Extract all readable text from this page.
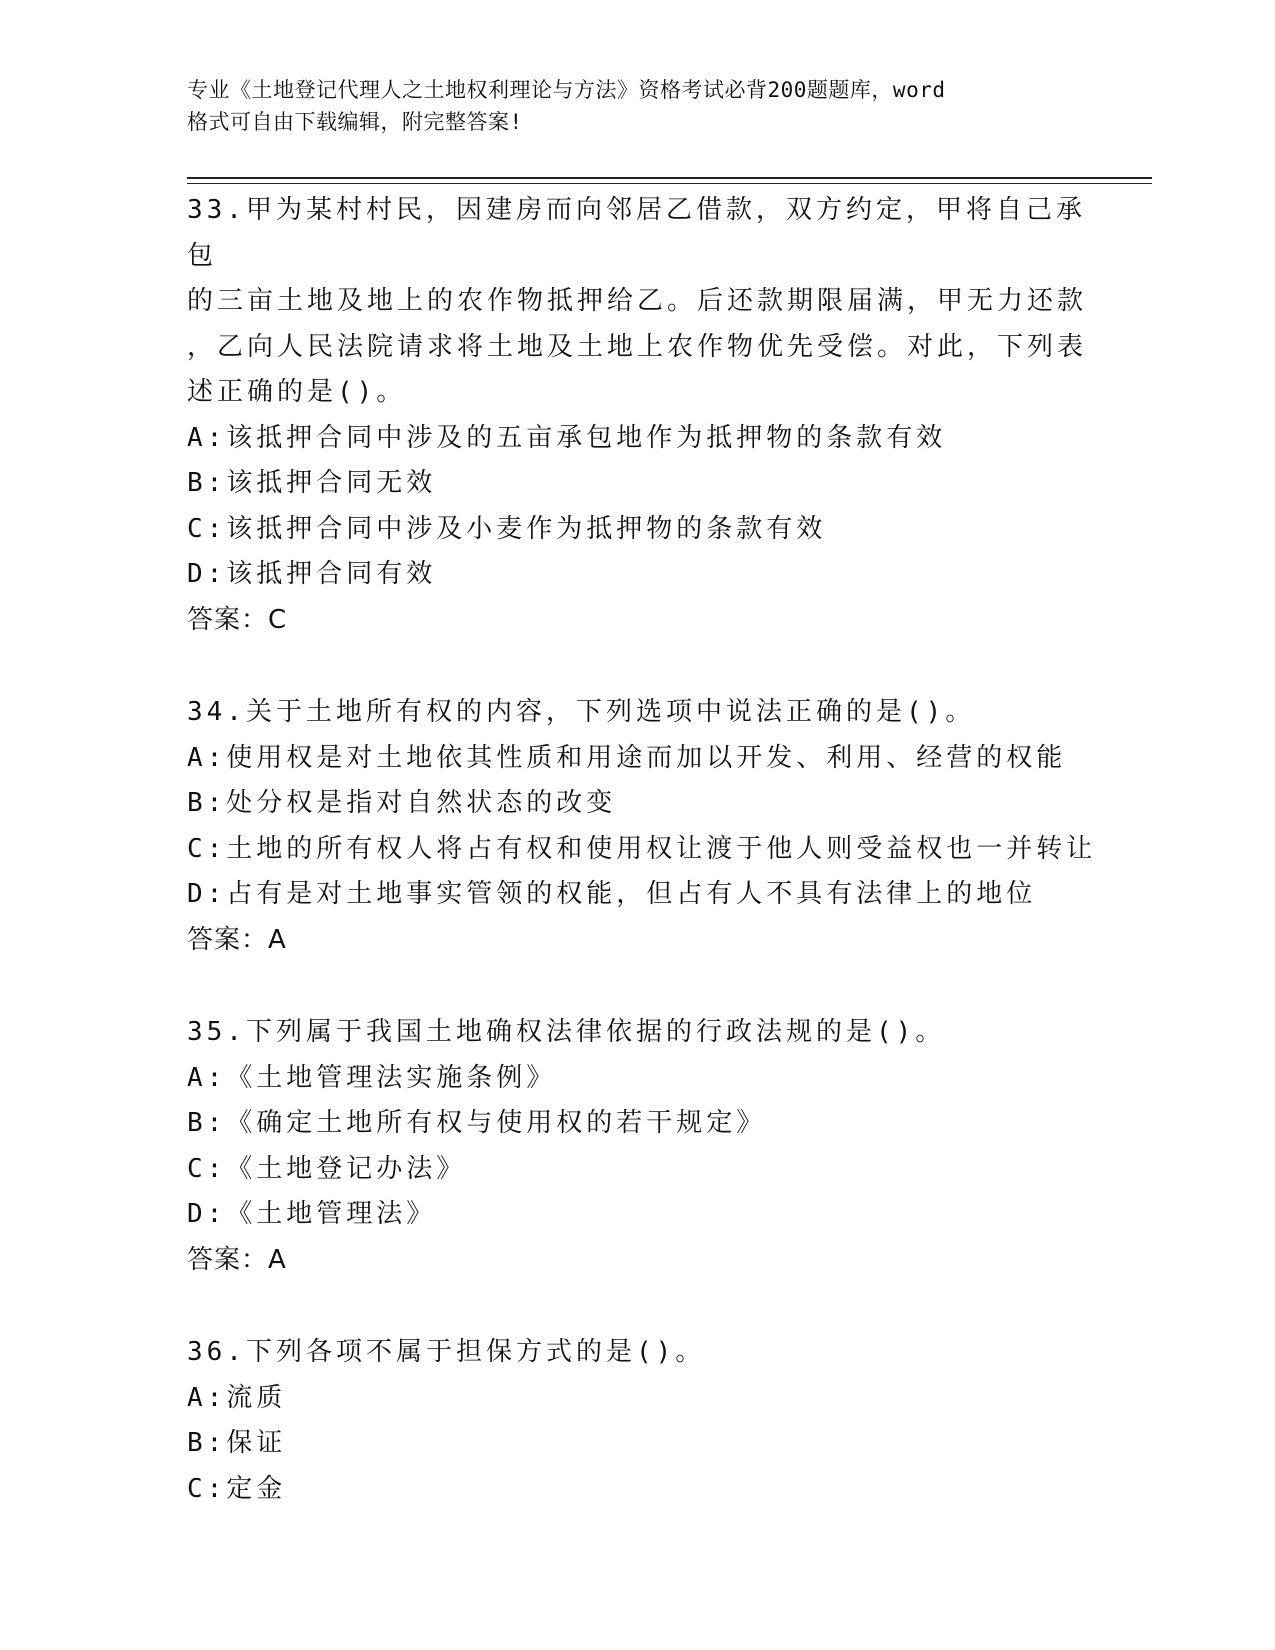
专业《土地登记代理人之土地权利理论与方法》资格考试必背200题题库，word
格式可自由下载编辑，附完整答案!
33.甲为某村村民，因建房而向邻居乙借款，双方约定，甲将自己承包
的三亩土地及地上的农作物抵押给乙。后还款期限届满，甲无力还款
，乙向人民法院请求将土地及土地上农作物优先受偿。对此，下列表
述正确的是()。
A:该抵押合同中涉及的五亩承包地作为抵押物的条款有效
B:该抵押合同无效
C:该抵押合同中涉及小麦作为抵押物的条款有效
D:该抵押合同有效
答案：C
34.关于土地所有权的内容，下列选项中说法正确的是()。
A:使用权是对土地依其性质和用途而加以开发、利用、经营的权能
B:处分权是指对自然状态的改变
C:土地的所有权人将占有权和使用权让渡于他人则受益权也一并转让
D:占有是对土地事实管领的权能，但占有人不具有法律上的地位
答案：A
35.下列属于我国土地确权法律依据的行政法规的是()。
A:《土地管理法实施条例》
B:《确定土地所有权与使用权的若干规定》
C:《土地登记办法》
D:《土地管理法》
答案：A
36.下列各项不属于担保方式的是()。
A:流质
B:保证
C:定金
